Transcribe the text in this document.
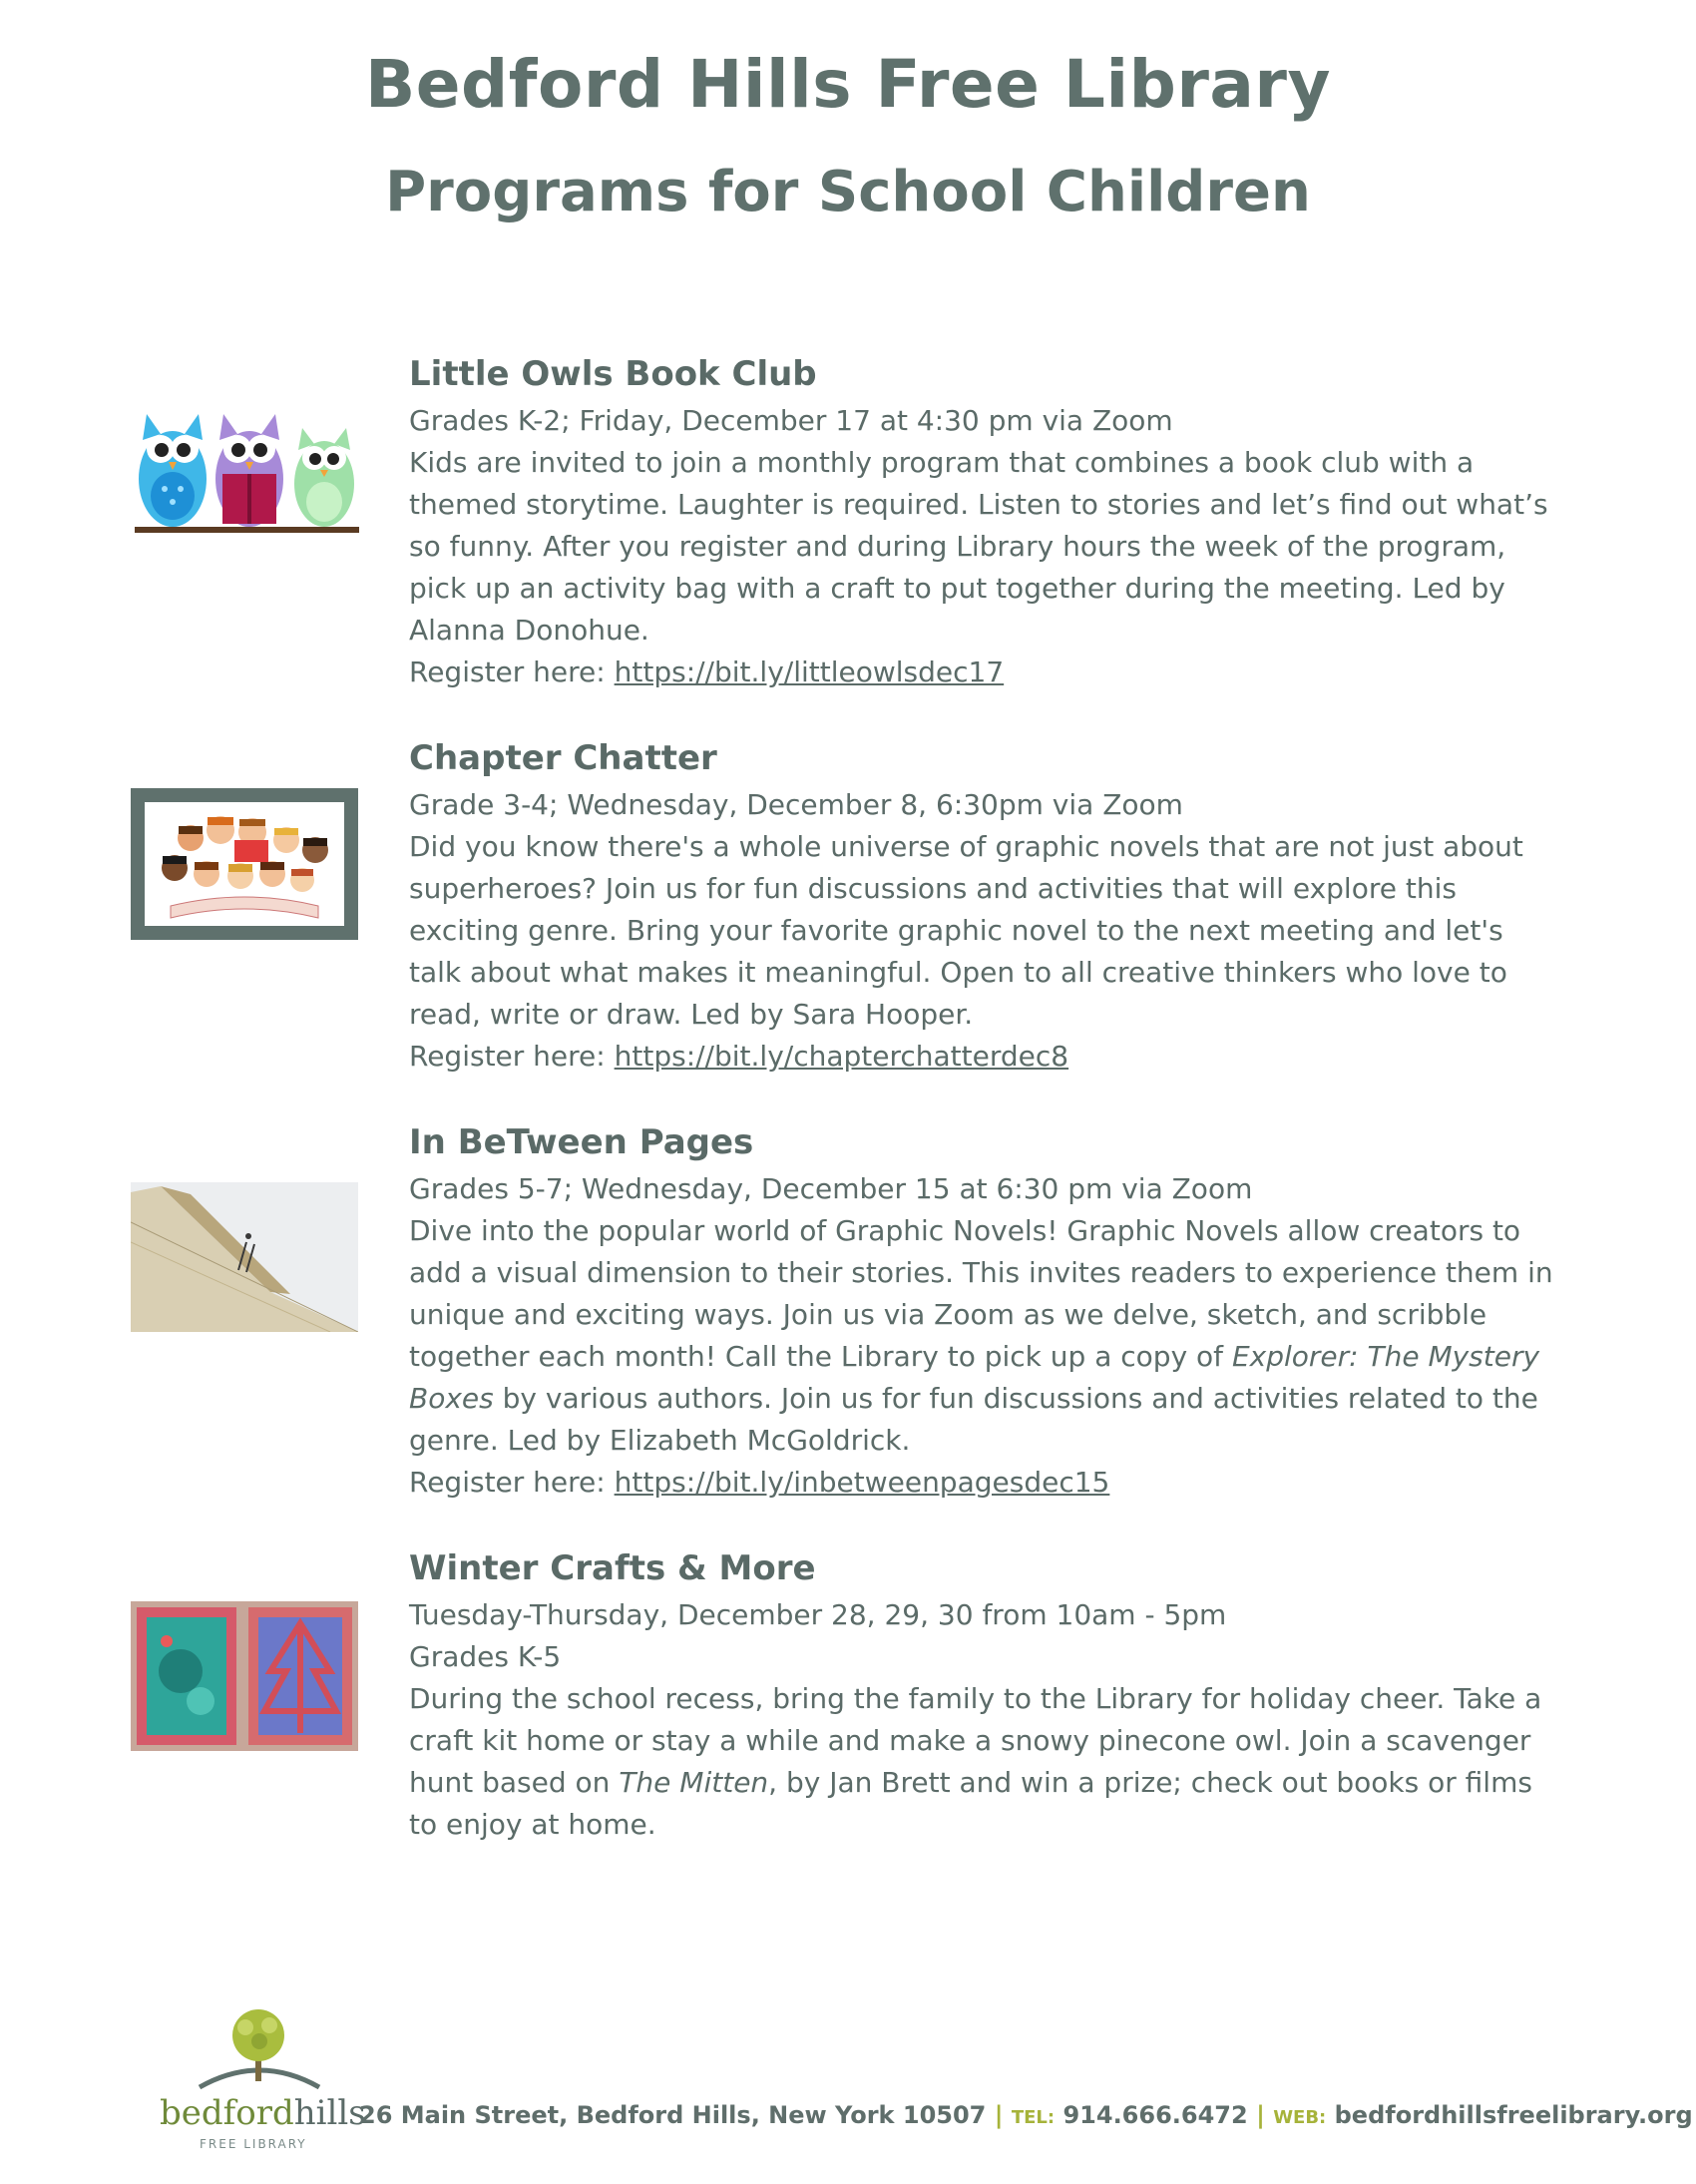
Bedford Hills Free Library
Programs for School Children
Little Owls Book Club

Grades K-2; Friday, December 17 at 4:30 pm via Zoom

Kids are invited to join a monthly program that combines a book club with a themed storytime. Laughter is required. Listen to stories and let’s find out what’s so funny. After you register and during Library hours the week of the program, pick up an activity bag with a craft to put together during the meeting. Led by Alanna Donohue.

Register here: https://bit.ly/littleowlsdec17

Chapter Chatter

Grade 3-4; Wednesday, December 8, 6:30pm via Zoom

Did you know there's a whole universe of graphic novels that are not just about superheroes? Join us for fun discussions and activities that will explore this exciting genre. Bring your favorite graphic novel to the next meeting and let's talk about what makes it meaningful. Open to all creative thinkers who love to read, write or draw. Led by Sara Hooper.

Register here: https://bit.ly/chapterchatterdec8

In BeTween Pages

Grades 5-7; Wednesday, December 15 at 6:30 pm via Zoom

Dive into the popular world of Graphic Novels! Graphic Novels allow creators to add a visual dimension to their stories. This invites readers to experience them in unique and exciting ways. Join us via Zoom as we delve, sketch, and scribble together each month! Call the Library to pick up a copy of Explorer: The Mystery Boxes by various authors. Join us for fun discussions and activities related to the genre. Led by Elizabeth McGoldrick.

Register here: https://bit.ly/inbetweenpagesdec15

Winter Crafts & More

Tuesday-Thursday, December 28, 29, 30 from 10am - 5pm

Grades K-5

During the school recess, bring the family to the Library for holiday cheer. Take a craft kit home or stay a while and make a snowy pinecone owl. Join a scavenger hunt based on The Mitten, by Jan Brett and win a prize; check out books or films to enjoy at home.

bedfordhills
FREE LIBRARY
26 Main Street, Bedford Hills, New York 10507 | TEL: 914.666.6472 | WEB: bedfordhillsfreelibrary.org
